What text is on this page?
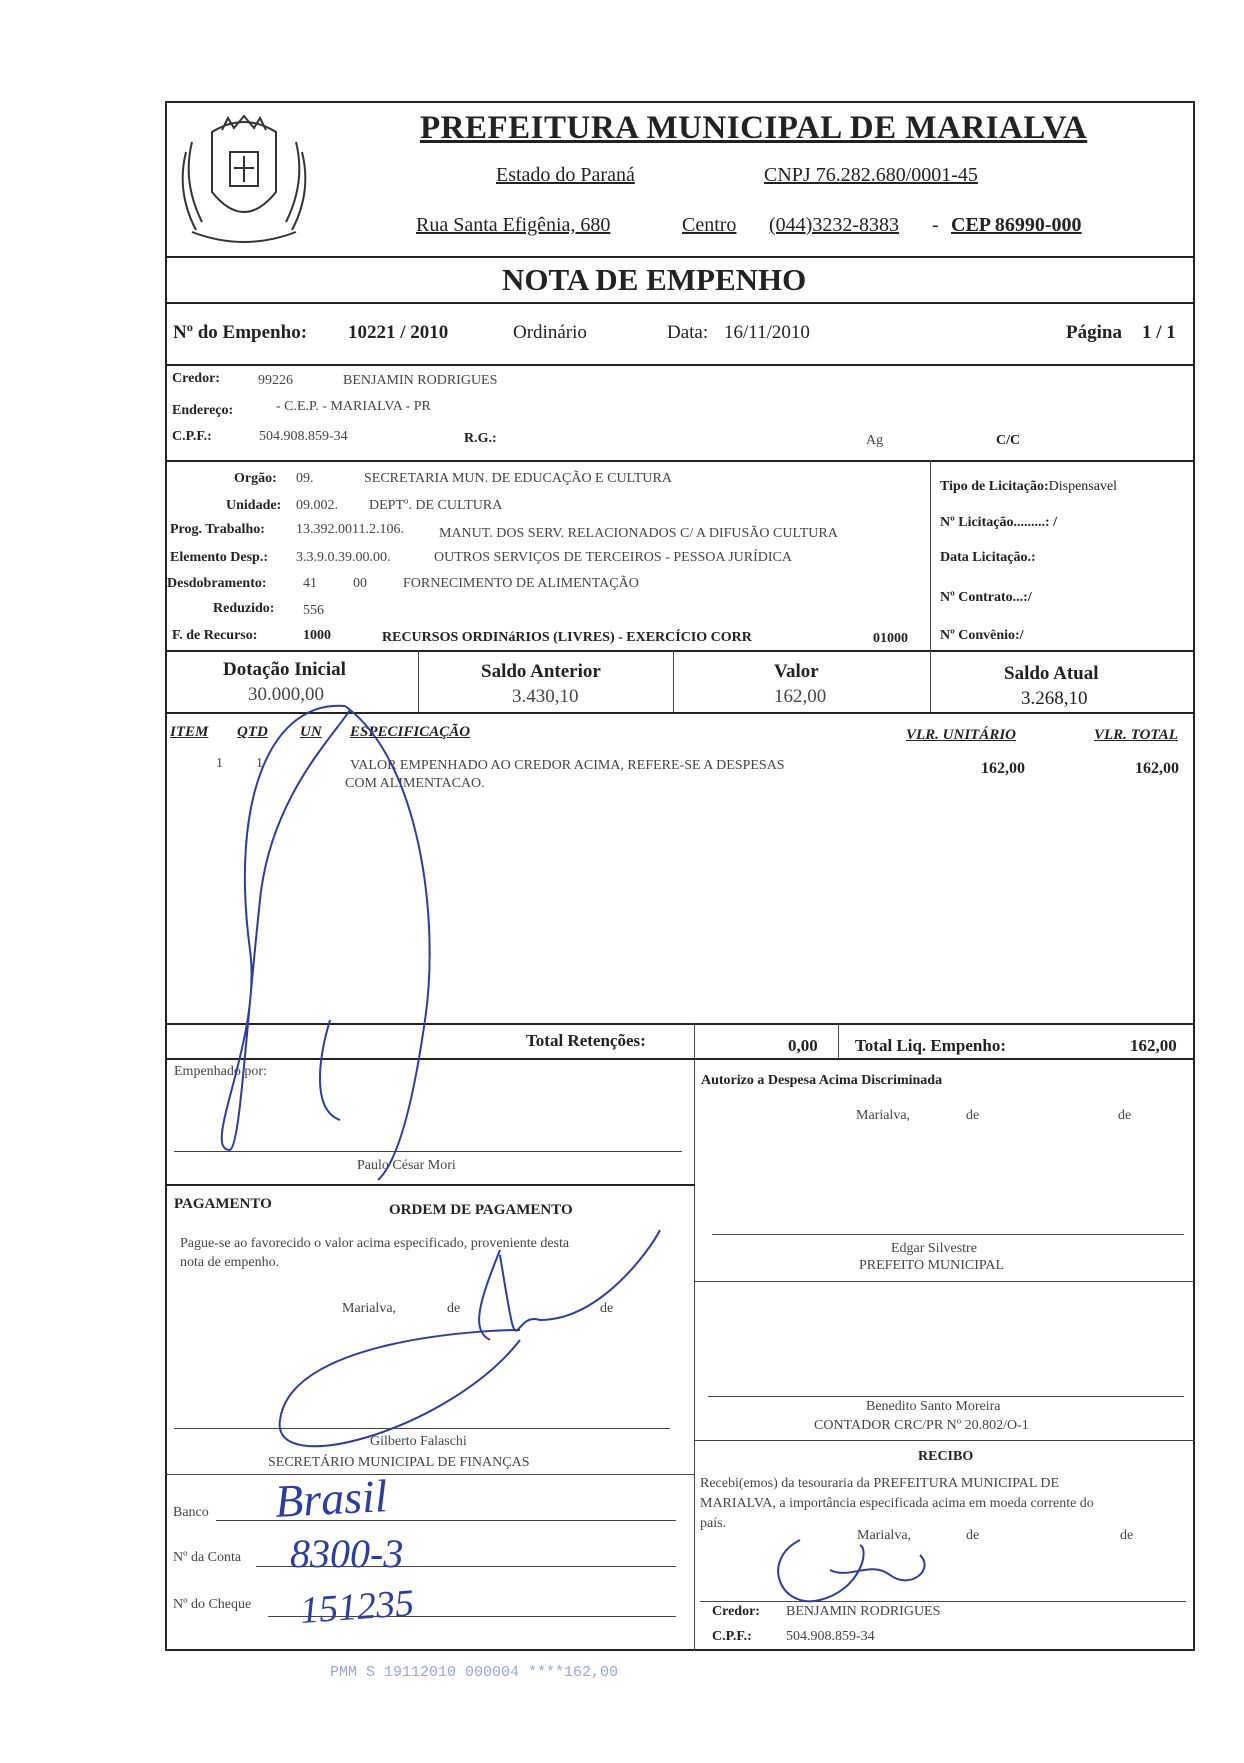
PREFEITURA MUNICIPAL DE MARIALVA
Estado do Paraná	CNPJ 76.282.680/0001-45
Rua Santa Efigênia, 680	Centro (044)3232-8383 - CEP 86990-000
NOTA DE EMPENHO
Nº do Empenho: 10221 / 2010	Ordinário	Data: 16/11/2010	Página 1 / 1
Credor:	99226	BENJAMIN RODRIGUES
Endereço:	- C.E.P. - MARIALVA - PR
C.P.F.:	504.908.859-34	R.G.:	Ag	C/C
Orgão: 09.	SECRETARIA MUN. DE EDUCAÇÃO E CULTURA
Unidade: 09.002. DEPTº. DE CULTURA
Prog. Trabalho: 13.392.0011.2.106.	MANUT. DOS SERV. RELACIONADOS C/ A DIFUSÃO CULTURA
Elemento Desp.: 3.3.9.0.39.00.00.	OUTROS SERVIÇOS DE TERCEIROS - PESSOA JURÍDICA
Desdobramento:	41	00	FORNECIMENTO DE ALIMENTAÇÃO
Reduzido: 556
F. de Recurso:	1000	RECURSOS ORDINáRIOS (LIVRES) - EXERCÍCIO CORR	01000
Tipo de Licitação:Dispensavel
Nº Licitação.........: /
Data Licitação.:
Nº Contrato...:/
Nº Convênio:/
Dotação Inicial
30.000,00
Saldo Anterior
3.430,10
Valor
162,00
Saldo Atual
3.268,10
ITEM QTD UN ESPECIFICAÇÃO	VLR. UNITÁRIO	VLR. TOTAL
1 1	VALOR EMPENHADO AO CREDOR ACIMA, REFERE-SE A DESPESAS
COM ALIMENTACAO.
162,00	162,00
Total Retenções:	0,00 Total Liq. Empenho:	162,00
Empenhado por:
Paulo César Mori
PAGAMENTO	ORDEM DE PAGAMENTO
Pague-se ao favorecido o valor acima especificado, proveniente desta
nota de empenho.
Marialva,	de	de
Gilberto Falaschi
SECRETÁRIO MUNICIPAL DE FINANÇAS
Banco
Nº da Conta
Nº do Cheque
Brasil
8300-3
151235
Autorizo a Despesa Acima Discriminada
Marialva,	de	de
Edgar Silvestre
PREFEITO MUNICIPAL
Benedito Santo Moreira
CONTADOR CRC/PR Nº 20.802/O-1
RECIBO
Recebi(emos) da tesouraria da PREFEITURA MUNICIPAL DE
MARIALVA, a importância especificada acima em moeda corrente do
país.
Marialva,	de	de
Credor: BENJAMIN RODRIGUES
C.P.F.: 504.908.859-34
PMM S 19112010 000004 ****162,00
